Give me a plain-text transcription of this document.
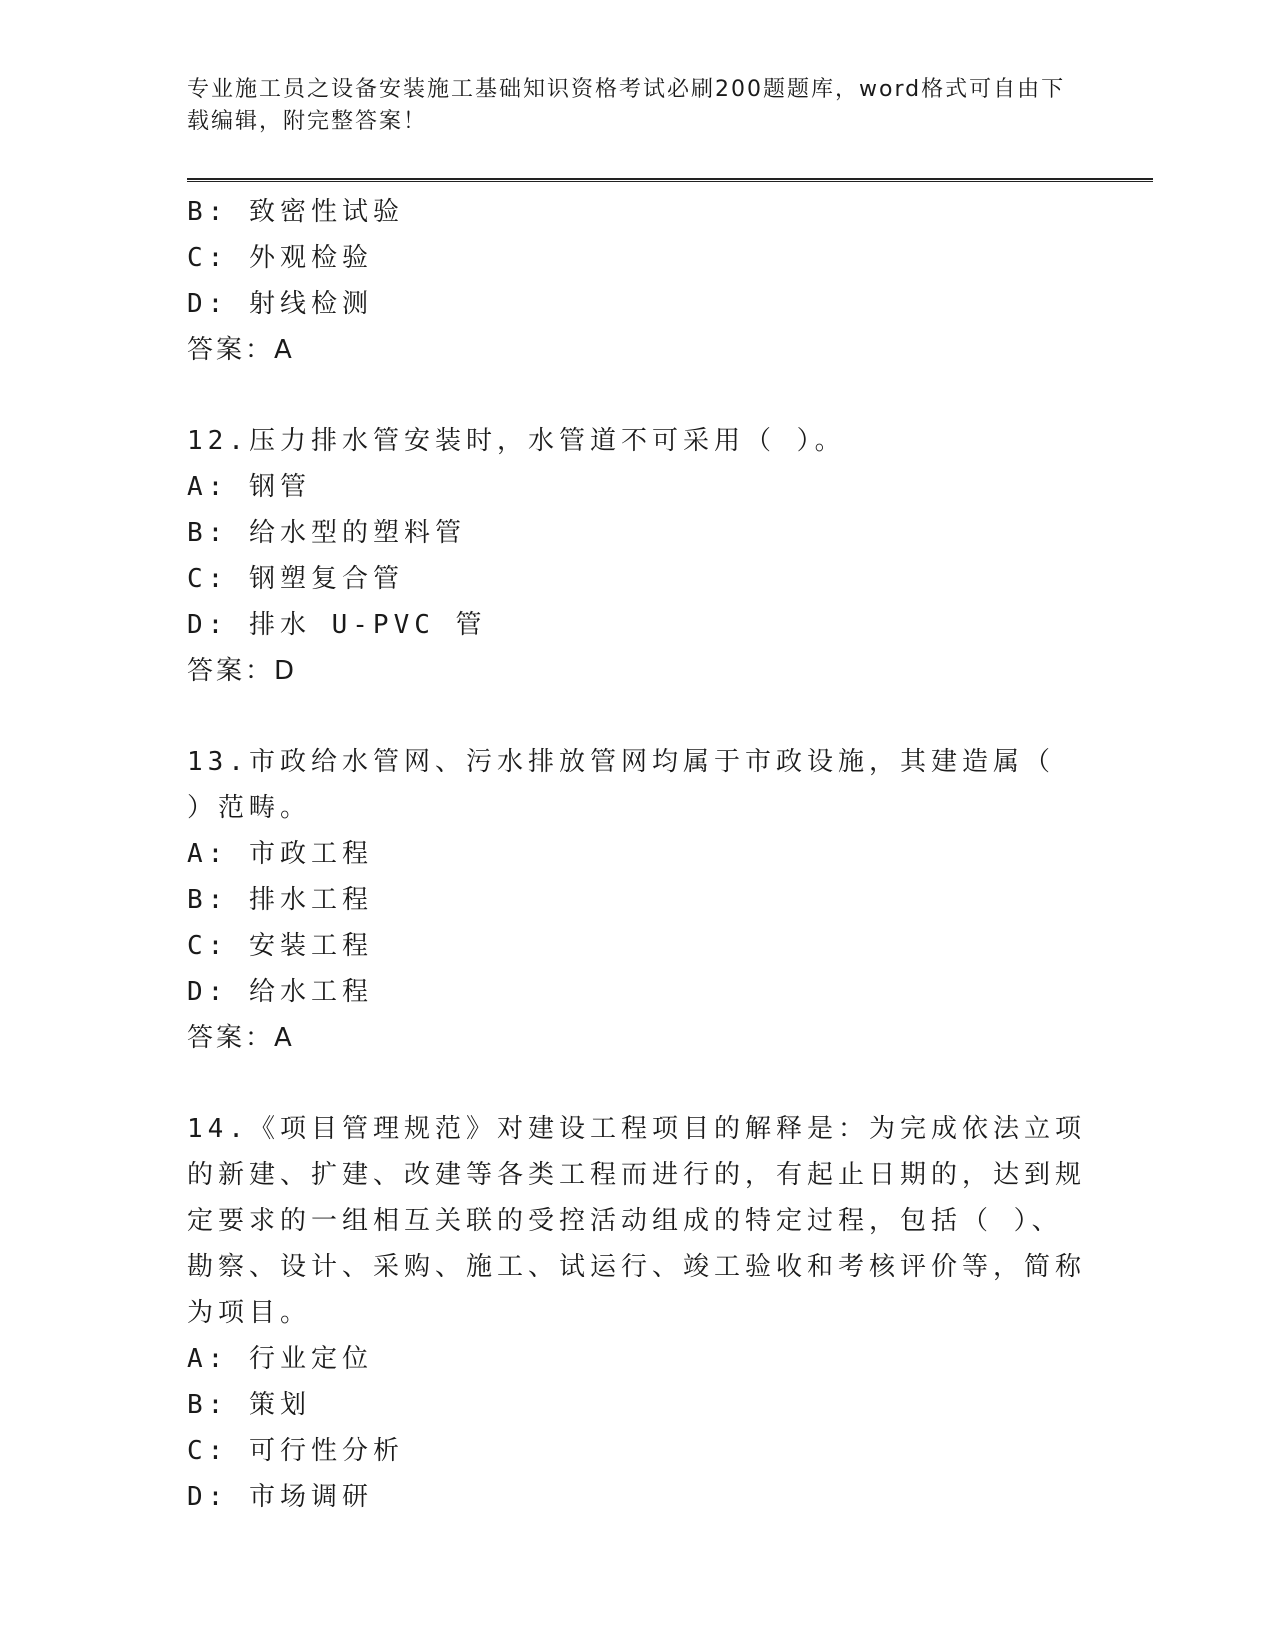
专业施工员之设备安装施工基础知识资格考试必刷200题题库，word格式可自由下载编辑，附完整答案！
B: 致密性试验
C: 外观检验
D: 射线检测
答案：A
12.压力排水管安装时，水管道不可采用（ ）。
A: 钢管
B: 给水型的塑料管
C: 钢塑复合管
D: 排水 U-PVC 管
答案：D
13.市政给水管网、污水排放管网均属于市政设施，其建造属（ ）范畴。
A: 市政工程
B: 排水工程
C: 安装工程
D: 给水工程
答案：A
14.《项目管理规范》对建设工程项目的解释是：为完成依法立项的新建、扩建、改建等各类工程而进行的，有起止日期的，达到规定要求的一组相互关联的受控活动组成的特定过程，包括（ ）、勘察、设计、采购、施工、试运行、竣工验收和考核评价等，简称为项目。
A: 行业定位
B: 策划
C: 可行性分析
D: 市场调研
